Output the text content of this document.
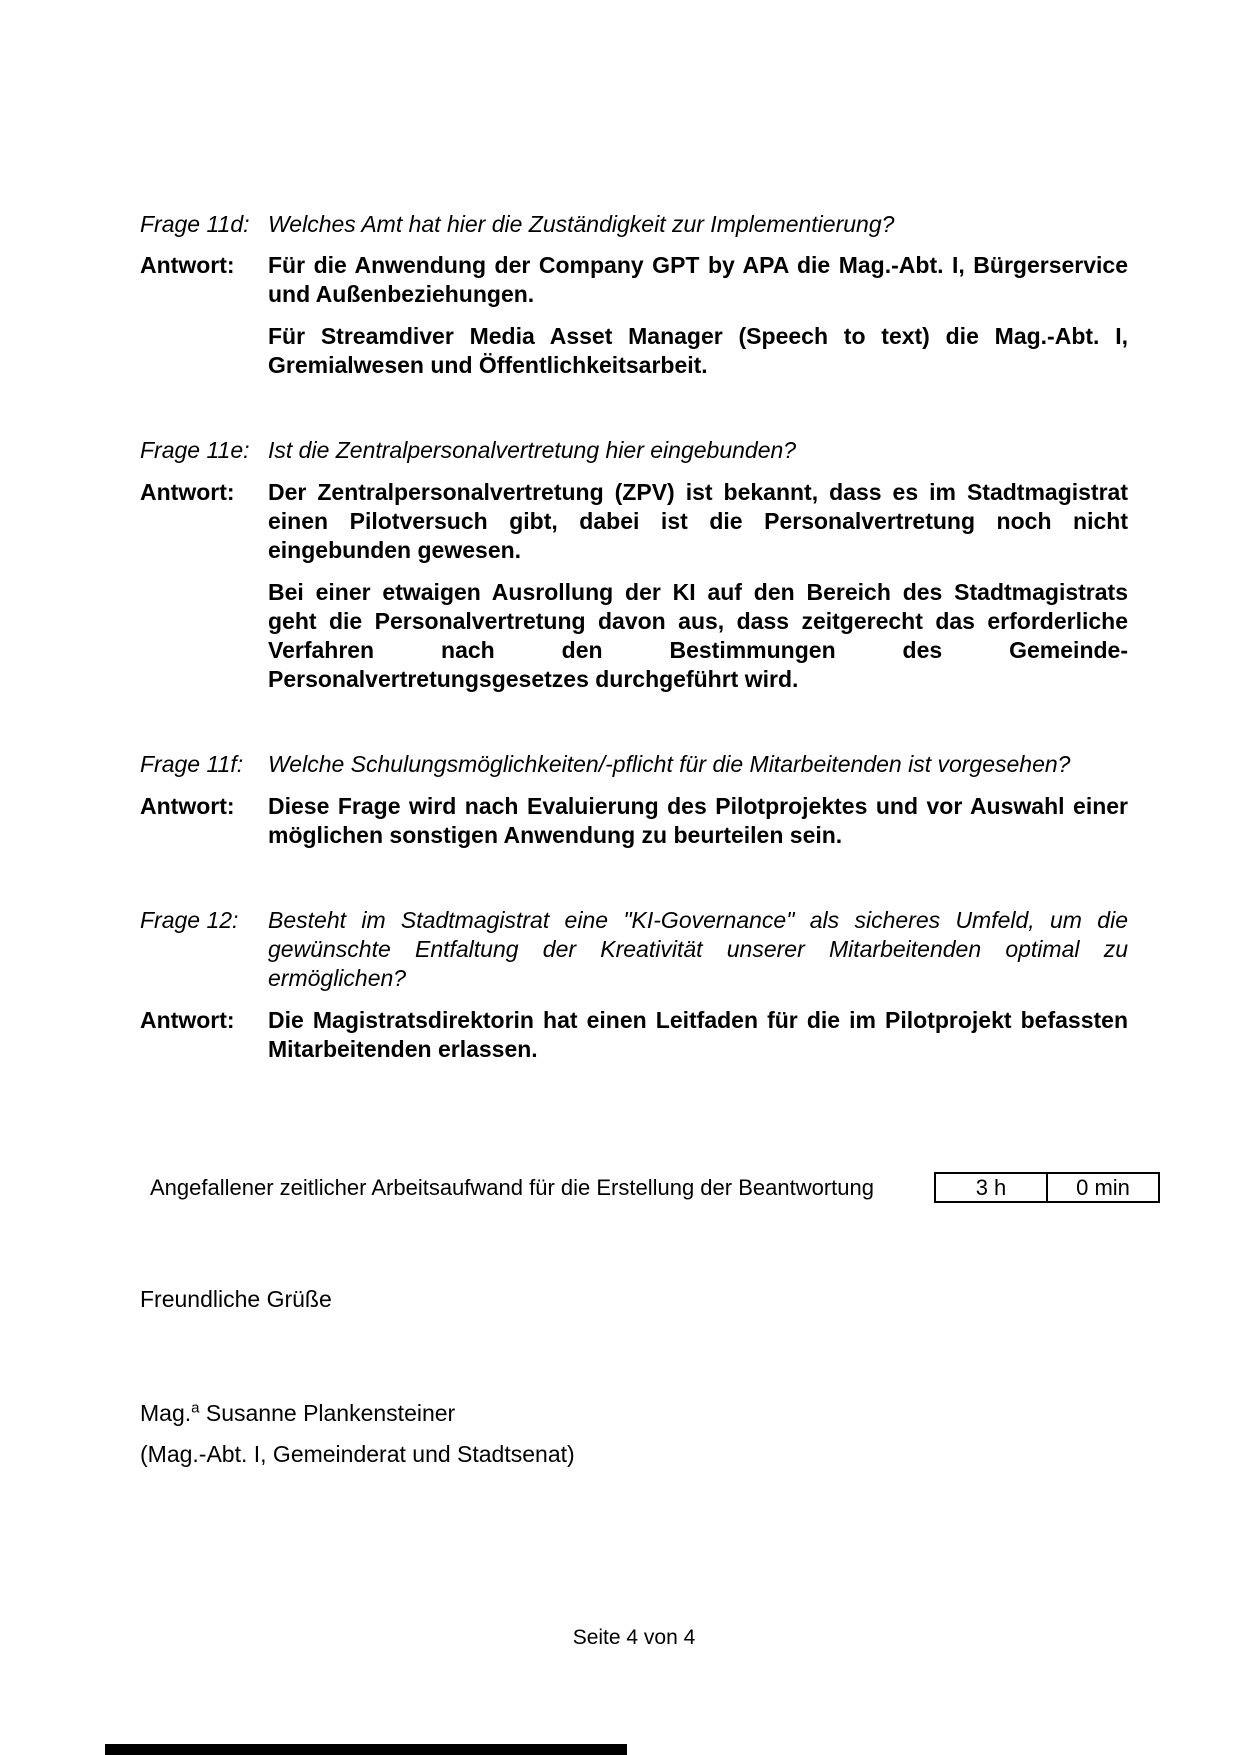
Frage 11d: Welches Amt hat hier die Zuständigkeit zur Implementierung?

Antwort:	Für die Anwendung der Company GPT by APA die Mag.-Abt. I, Bürgerservice und Außenbeziehungen.

Für Streamdiver Media Asset Manager (Speech to text) die Mag.-Abt. I, Gremialwesen und Öffentlichkeitsarbeit.

Frage 11e: Ist die Zentralpersonalvertretung hier eingebunden?

Antwort:	Der Zentralpersonalvertretung (ZPV) ist bekannt, dass es im Stadtmagistrat einen Pilotversuch gibt, dabei ist die Personalvertretung noch nicht eingebunden gewesen.

Bei einer etwaigen Ausrollung der KI auf den Bereich des Stadtmagistrats geht die Personalvertretung davon aus, dass zeitgerecht das erforderliche Verfahren nach den Bestimmungen des Gemeinde-Personalvertretungsgesetzes durchgeführt wird.

Frage 11f:	Welche Schulungsmöglichkeiten/-pflicht für die Mitarbeitenden ist vorgesehen?

Antwort:	Diese Frage wird nach Evaluierung des Pilotprojektes und vor Auswahl einer möglichen sonstigen Anwendung zu beurteilen sein.

Frage 12:	Besteht im Stadtmagistrat eine "KI-Governance" als sicheres Umfeld, um die gewünschte Entfaltung der Kreativität unserer Mitarbeitenden optimal zu ermöglichen?

Antwort:	Die Magistratsdirektorin hat einen Leitfaden für die im Pilotprojekt befassten Mitarbeitenden erlassen.

Angefallener zeitlicher Arbeitsaufwand für die Erstellung der Beantwortung	3 h	0 min
Freundliche Grüße
Mag.$^a$ Susanne Plankensteiner
(Mag.-Abt. I, Gemeinderat und Stadtsenat)
Seite 4 von 4
